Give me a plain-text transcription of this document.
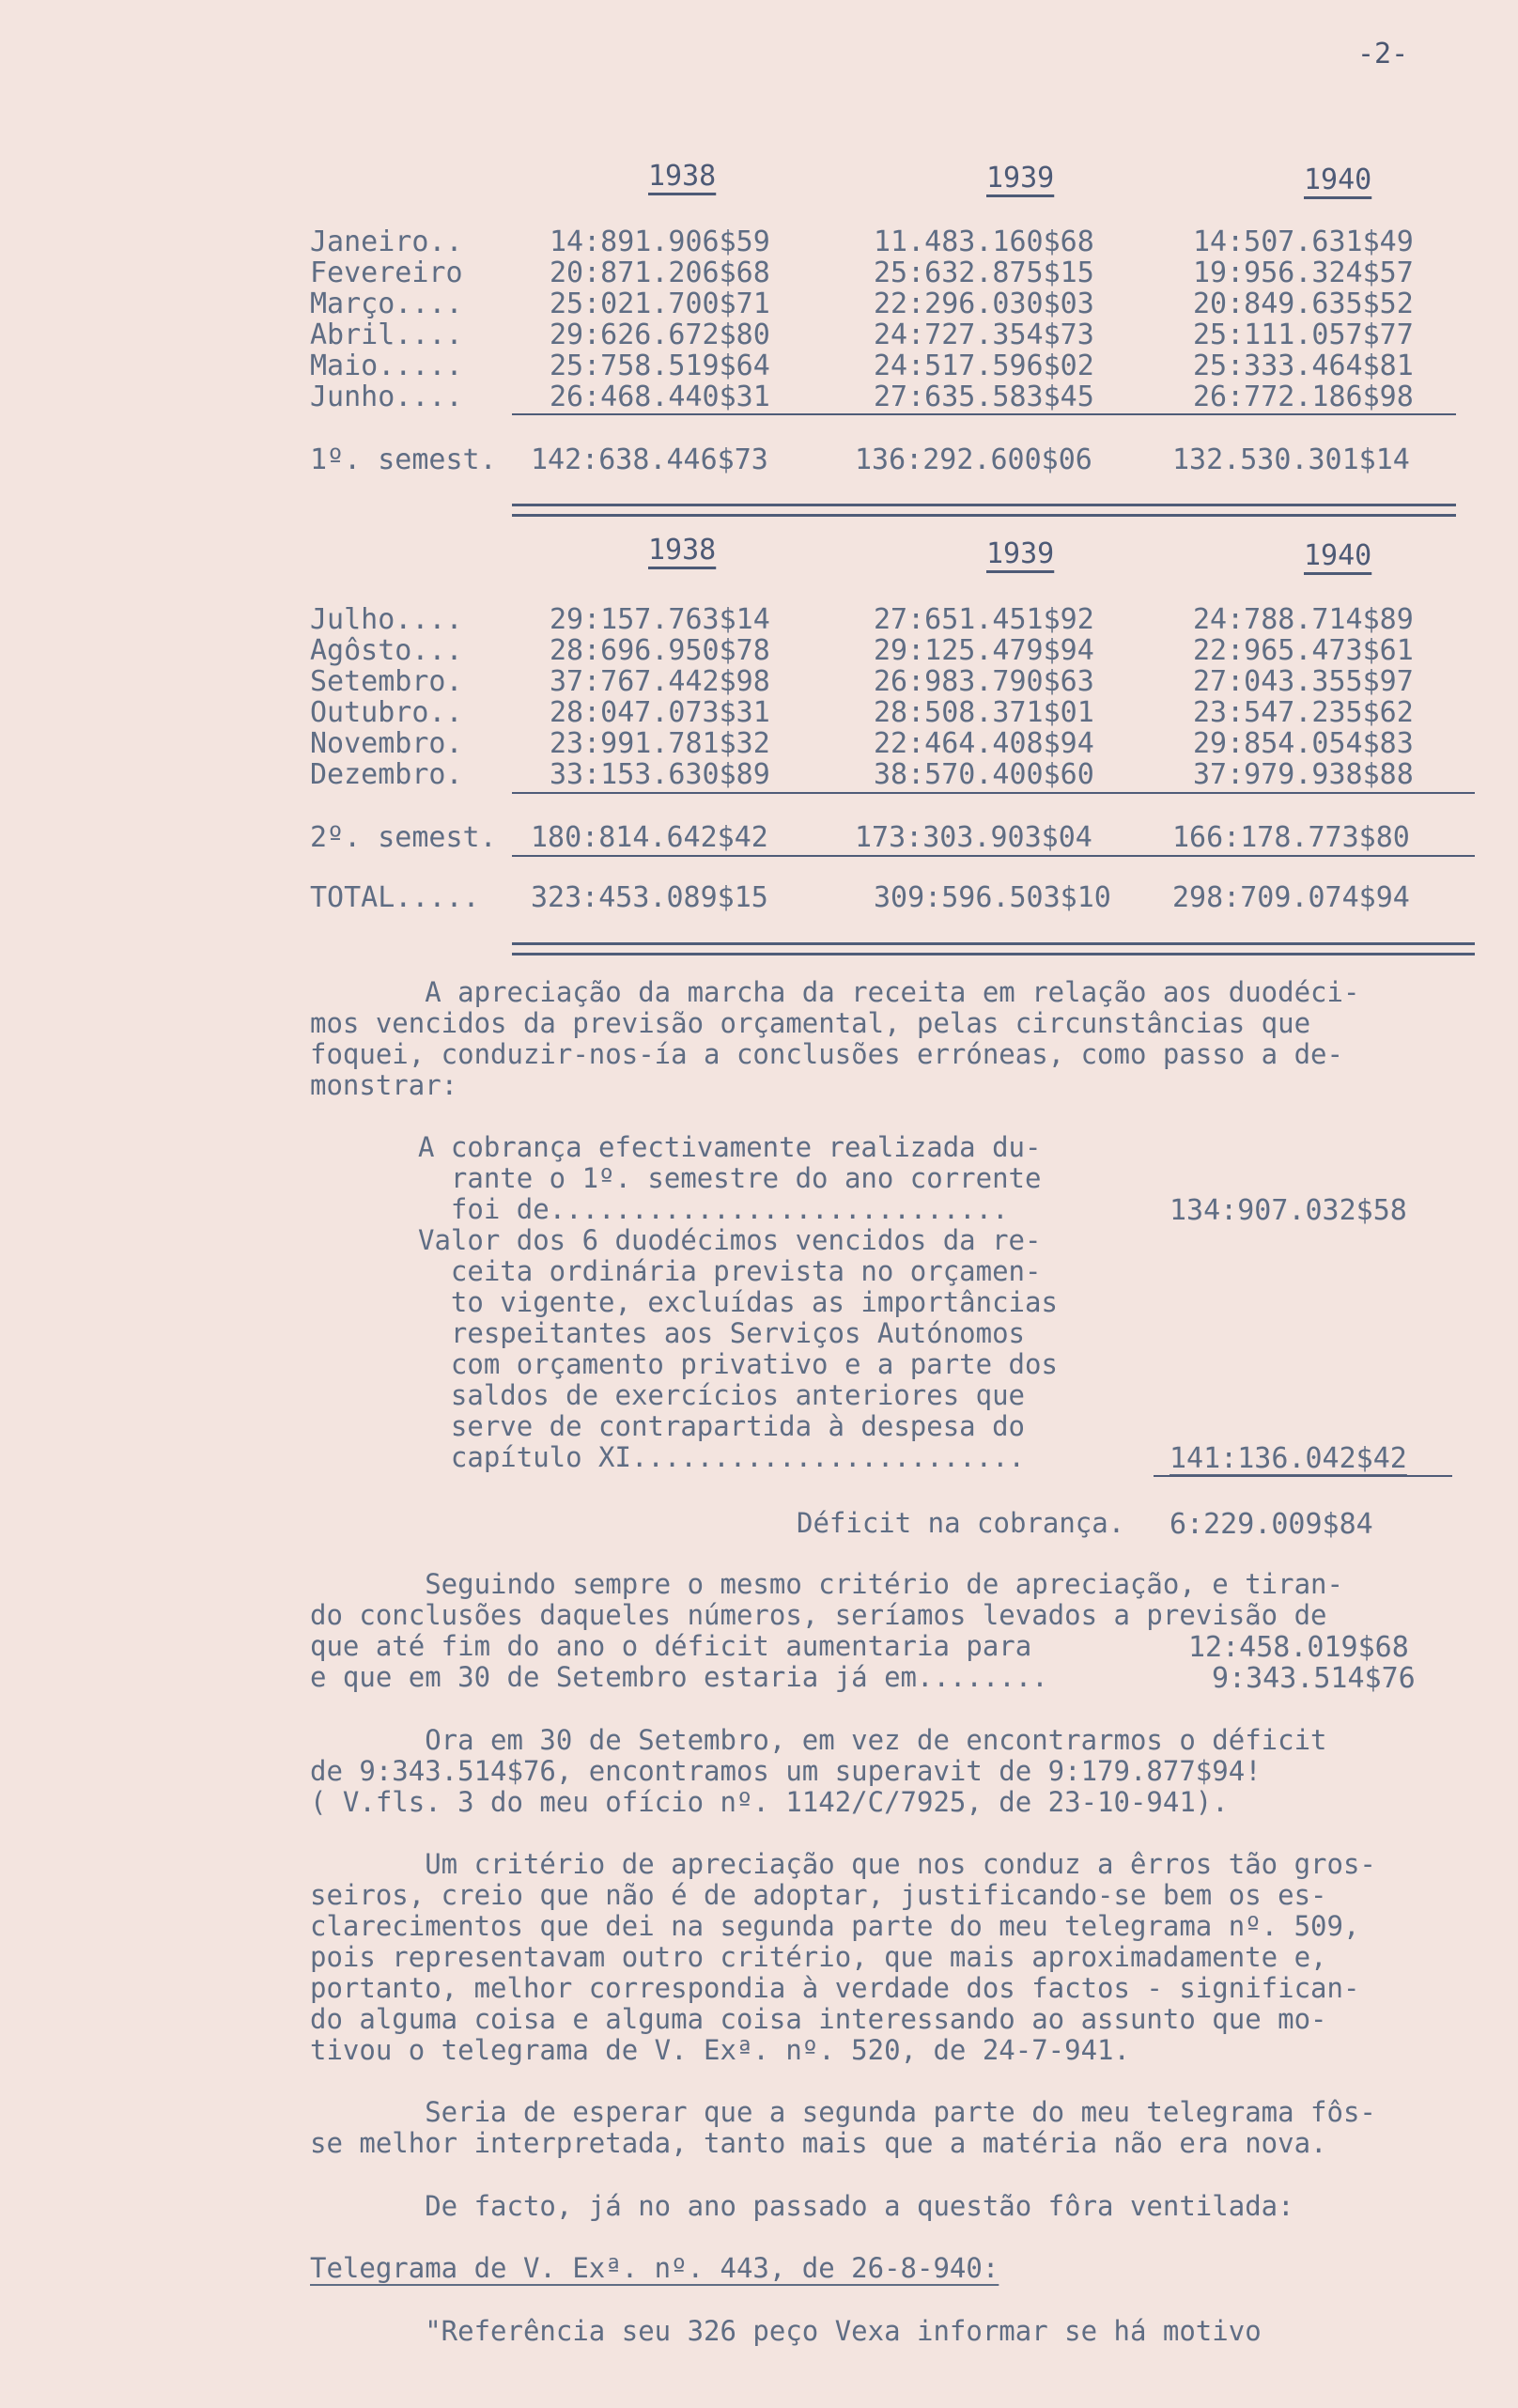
-2-
1938	1939	1940
Janeiro..	14:891.906$59	11.483.160$68	14:507.631$49
Fevereiro	20:871.206$68	25:632.875$15	19:956.324$57
Março....	25:021.700$71	22:296.030$03	20:849.635$52
Abril....	29:626.672$80	24:727.354$73	25:111.057$77
Maio.....	25:758.519$64	24:517.596$02	25:333.464$81
Junho....	26:468.440$31	27:635.583$45	26:772.186$98
1º. semest. 142:638.446$73	136:292.600$06	132.530.301$14
1938	1939	1940
Julho....	29:157.763$14	27:651.451$92	24:788.714$89
Agôsto...	28:696.950$78	29:125.479$94	22:965.473$61
Setembro.	37:767.442$98	26:983.790$63	27:043.355$97
Outubro..	28:047.073$31	28:508.371$01	23:547.235$62
Novembro.	23:991.781$32	22:464.408$94	29:854.054$83
Dezembro.	33:153.630$89	38:570.400$60	37:979.938$88
2º. semest. 180:814.642$42	173:303.903$04	166:178.773$80
TOTAL..... 323:453.089$15	309:596.503$10 298:709.074$94
A apreciação da marcha da receita em relação aos duodéci-
mos vencidos da previsão orçamental, pelas circunstâncias que
foquei, conduzir-nos-ía a conclusões erróneas, como passo a de-
monstrar:
A cobrança efectivamente realizada du-
rante o 1º. semestre do ano corrente
foi de............................	134:907.032$58
Valor dos 6 duodécimos vencidos da re-
ceita ordinária prevista no orçamen-
to vigente, excluídas as importâncias
respeitantes aos Serviços Autónomos
com orçamento privativo e a parte dos
saldos de exercícios anteriores que
serve de contrapartida à despesa do
capítulo XI........................	141:136.042$42
Déficit na cobrança.	6:229.009$84
Seguindo sempre o mesmo critério de apreciação, e tiran-
do conclusões daqueles números, seríamos levados a previsão de
que até fim do ano o déficit aumentaria para	12:458.019$68
e que em 30 de Setembro estaria já em........	9:343.514$76
Ora em 30 de Setembro, em vez de encontrarmos o déficit
de 9:343.514$76, encontramos um superavit de 9:179.877$94!
( V.fls. 3 do meu ofício nº. 1142/C/7925, de 23-10-941).
Um critério de apreciação que nos conduz a êrros tão gros-
seiros, creio que não é de adoptar, justificando-se bem os es-
clarecimentos que dei na segunda parte do meu telegrama nº. 509,
pois representavam outro critério, que mais aproximadamente e,
portanto, melhor correspondia à verdade dos factos - significan-
do alguma coisa e alguma coisa interessando ao assunto que mo-
tivou o telegrama de V. Exª. nº. 520, de 24-7-941.
Seria de esperar que a segunda parte do meu telegrama fôs-
se melhor interpretada, tanto mais que a matéria não era nova.
De facto, já no ano passado a questão fôra ventilada:
Telegrama de V. Exª. nº. 443, de 26-8-940:
"Referência seu 326 peço Vexa informar se há motivo
